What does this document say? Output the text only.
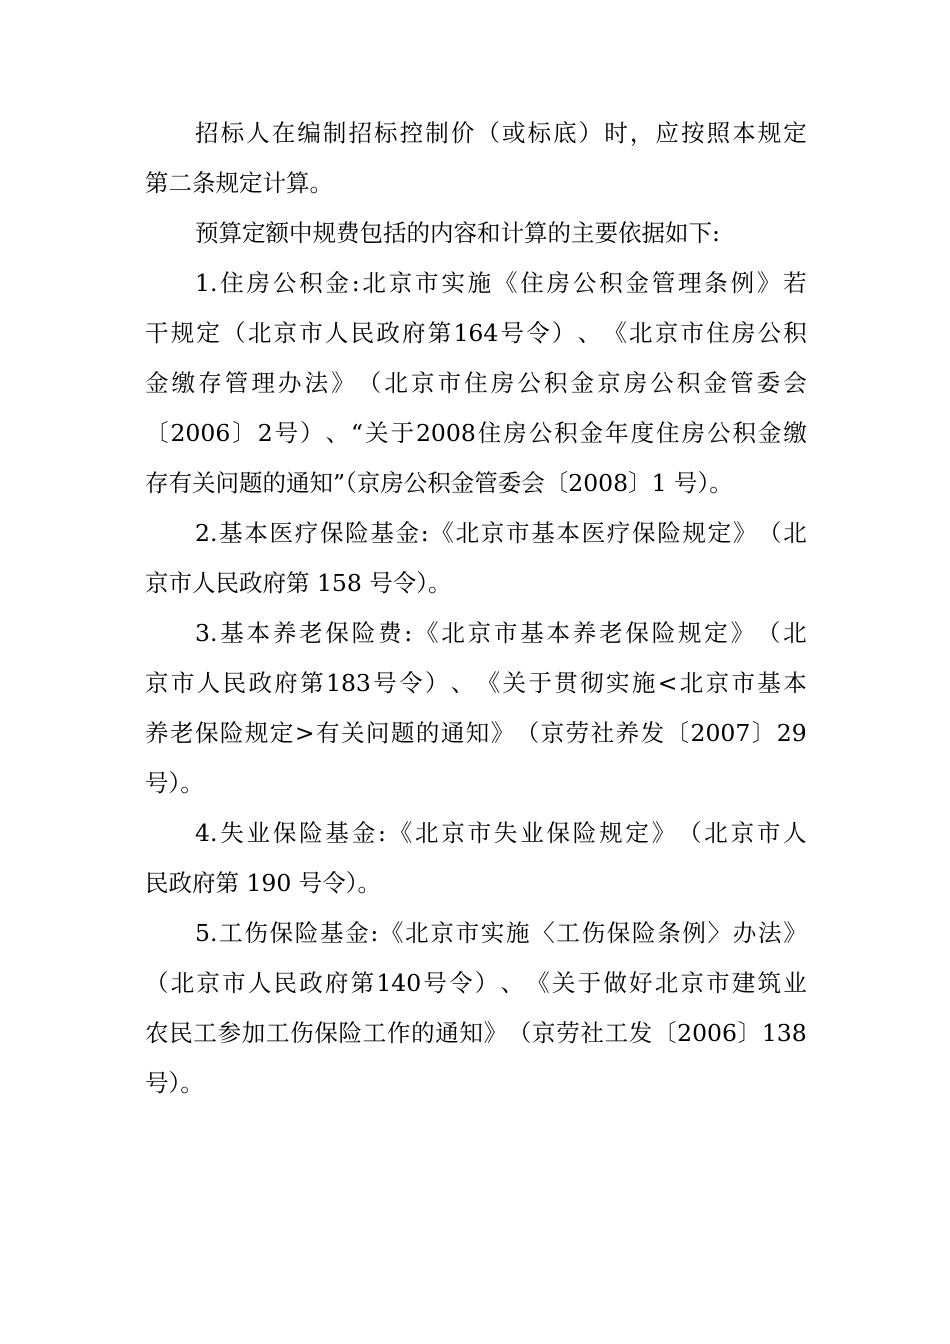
招 标 人 在 编 制 招 标 控 制 价 （ 或 标 底 ） 时 ， 应 按 照 本 规 定
第二条规定计算。
预算定额中规费包括的内容和计算的主要依据如下:
1. 住 房 公 积 金 : 北 京 市 实 施 《 住 房 公 积 金 管 理 条 例 》 若
干 规 定 （ 北 京 市 人 民 政 府 第 164 号 令 ） 、 《 北 京 市 住 房 公 积
金 缴 存 管 理 办 法 》 （ 北 京 市 住 房 公 积 金 京 房 公 积 金 管 委 会
〔 2006 〕 2 号 ） 、 “ 关 于 2008 住 房 公 积 金 年 度 住 房 公 积 金 缴
存有关问题的通知”（京房公积金管委会〔2008〕1 号）。
2. 基 本 医 疗 保 险 基 金 : 《 北 京 市 基 本 医 疗 保 险 规 定 》 （ 北
京市人民政府第 158 号令）。
3. 基 本 养 老 保 险 费 : 《 北 京 市 基 本 养 老 保 险 规 定 》 （ 北
京 市 人 民 政 府 第 183 号 令 ） 、 《 关 于 贯 彻 实 施 < 北 京 市 基 本
养 老 保 险 规 定 > 有 关 问 题 的 通 知 》 （ 京 劳 社 养 发 〔 2007 〕 29
号）。
4. 失 业 保 险 基 金 : 《 北 京 市 失 业 保 险 规 定 》 （ 北 京 市 人
民政府第 190 号令）。
5. 工 伤 保 险 基 金 : 《 北 京 市 实 施 〈 工 伤 保 险 条 例 〉 办 法 》
（ 北 京 市 人 民 政 府 第 140 号 令 ） 、 《 关 于 做 好 北 京 市 建 筑 业
农 民 工 参 加 工 伤 保 险 工 作 的 通 知 》 （ 京 劳 社 工 发 〔 2006 〕 138
号）。
